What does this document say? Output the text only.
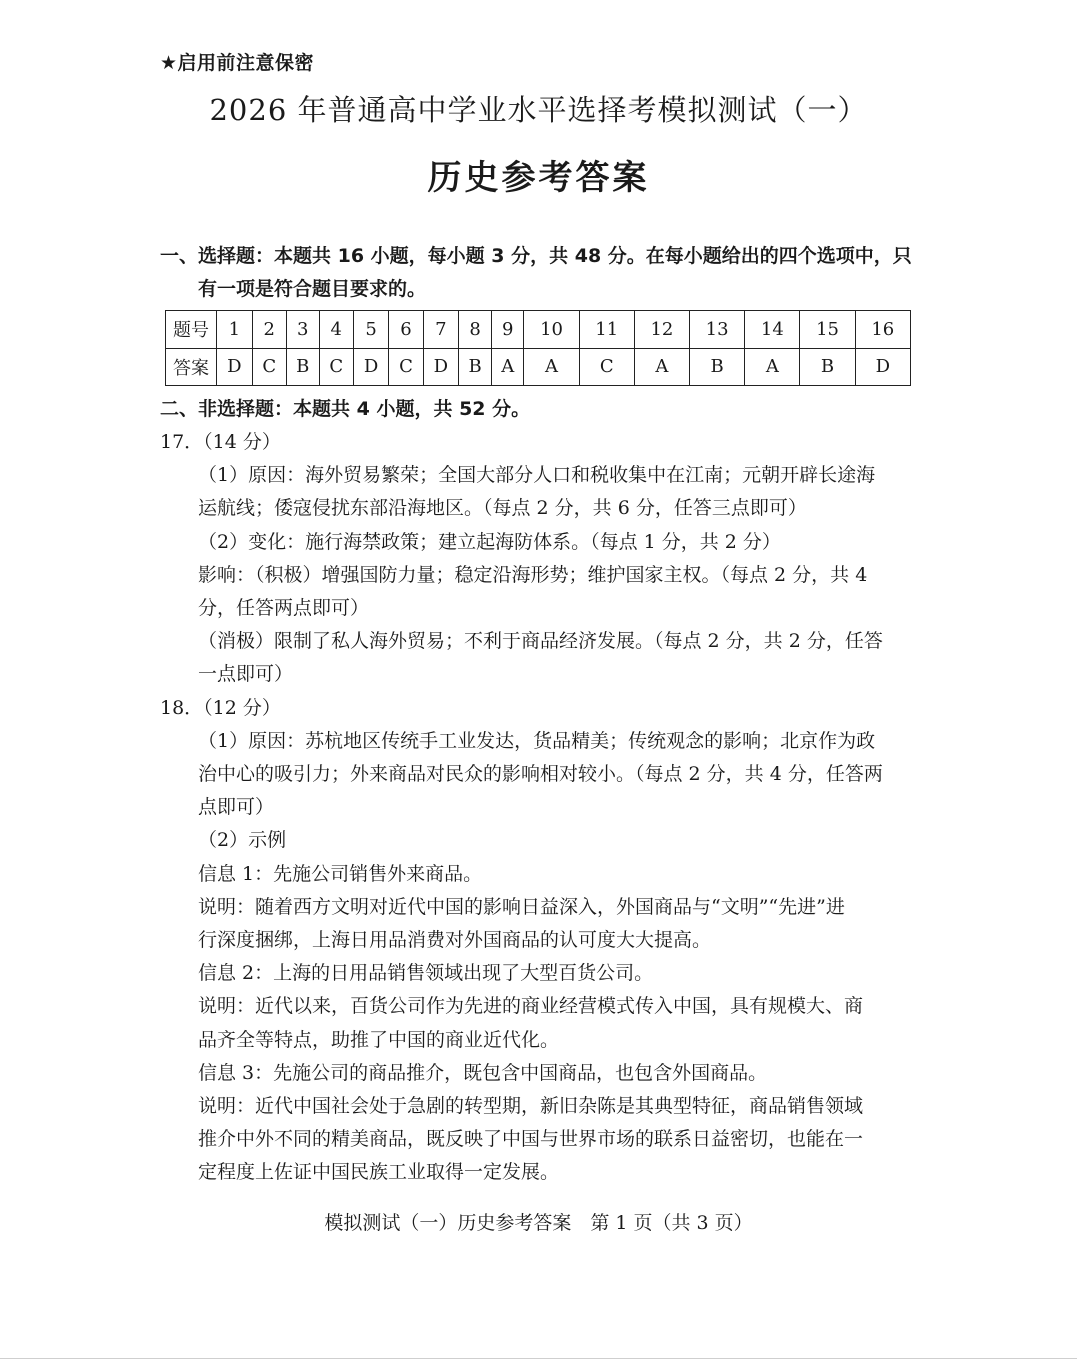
★启用前注意保密
2026 年普通高中学业水平选择考模拟测试（一）
历史参考答案
一、选择题：本题共 16 小题，每小题 3 分，共 48 分。在每小题给出的四个选项中，只
有一项是符合题目要求的。
题号	1	2	3	4	5	6	7	8	9	10	11	12	13	14	15	16
答案	D	C	B	C	D	C	D	B	A	A	C	A	B	A	B	D
二、非选择题：本题共 4 小题，共 52 分。

17．（14 分）

（1）原因：海外贸易繁荣；全国大部分人口和税收集中在江南；元朝开辟长途海

运航线；倭寇侵扰东部沿海地区。（每点 2 分，共 6 分，任答三点即可）

（2）变化：施行海禁政策；建立起海防体系。（每点 1 分，共 2 分）

影响：（积极）增强国防力量；稳定沿海形势；维护国家主权。（每点 2 分，共 4

分，任答两点即可）

（消极）限制了私人海外贸易；不利于商品经济发展。（每点 2 分，共 2 分，任答

一点即可）

18．（12 分）

（1）原因：苏杭地区传统手工业发达，货品精美；传统观念的影响；北京作为政

治中心的吸引力；外来商品对民众的影响相对较小。（每点 2 分，共 4 分，任答两

点即可）

（2）示例

信息 1：先施公司销售外来商品。

说明：随着西方文明对近代中国的影响日益深入，外国商品与“文明”“先进”进

行深度捆绑，上海日用品消费对外国商品的认可度大大提高。

信息 2：上海的日用品销售领域出现了大型百货公司。

说明：近代以来，百货公司作为先进的商业经营模式传入中国，具有规模大、商

品齐全等特点，助推了中国的商业近代化。

信息 3：先施公司的商品推介，既包含中国商品，也包含外国商品。

说明：近代中国社会处于急剧的转型期，新旧杂陈是其典型特征，商品销售领域

推介中外不同的精美商品，既反映了中国与世界市场的联系日益密切，也能在一

定程度上佐证中国民族工业取得一定发展。

模拟测试（一）历史参考答案　第 1 页（共 3 页）
